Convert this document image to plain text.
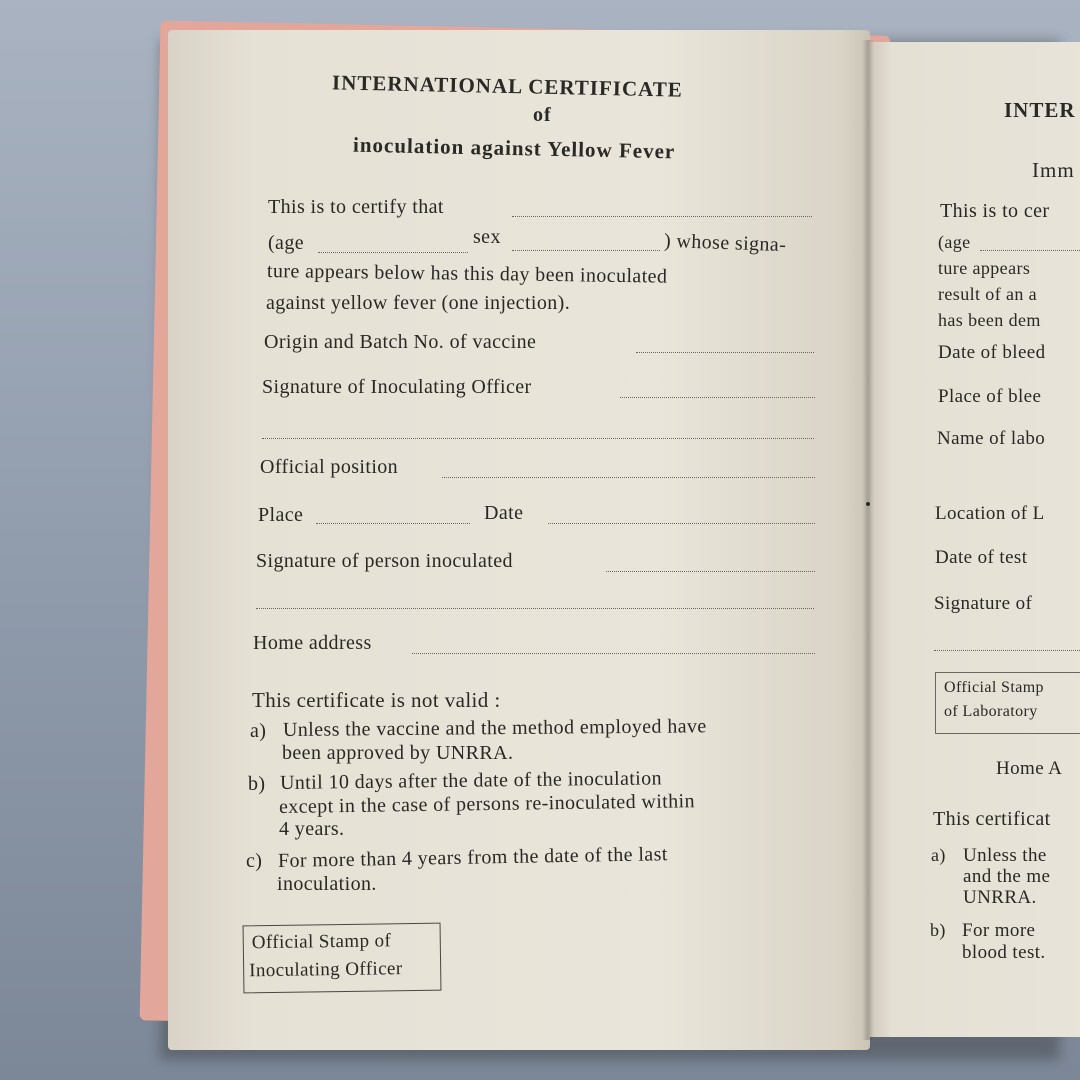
INTERNATIONAL CERTIFICATE
of
inoculation against Yellow Fever
This is to certify that
(age	sex	) whose signa-
ture appears below has this day been inoculated
against yellow fever (one injection).
Origin and Batch No. of vaccine
Signature of Inoculating Officer
Official position
Place	Date
Signature of person inoculated
Home address
This certificate is not valid :
a) Unless the vaccine and the method employed have
been approved by UNRRA.
b) Until 10 days after the date of the inoculation
except in the case of persons re-inoculated within
4 years.
c) For more than 4 years from the date of the last
inoculation.
Official Stamp of
Inoculating Officer
INTER
Imm
This is to cer
(age
ture appears
result of an a
has been dem
Date of bleed
Place of blee
Name of labo
Location of L
Date of test
Signature of
Official Stamp
of Laboratory
Home A
This certificat
a) Unless the
and the me
UNRRA.
b) For more
blood test.
